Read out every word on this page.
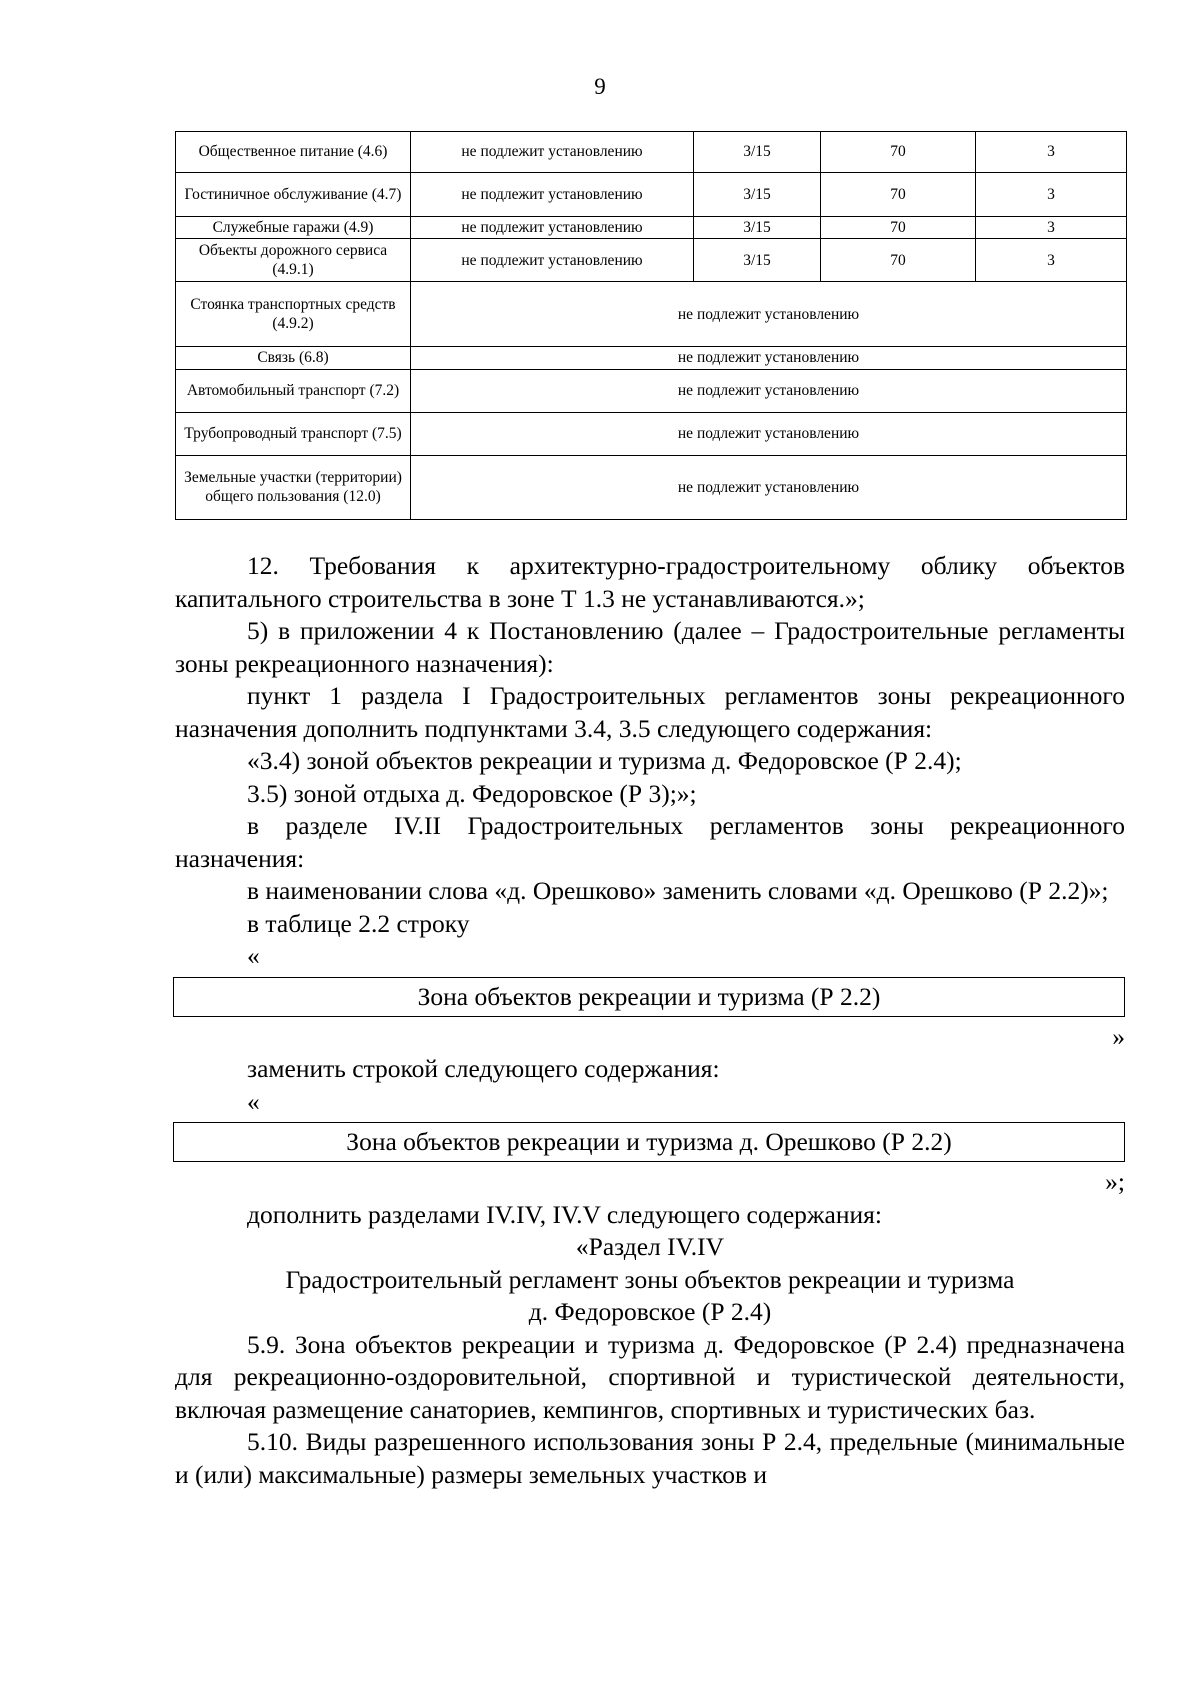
9
Общественное питание (4.6)	не подлежит установлению	3/15	70	3
Гостиничное обслуживание (4.7)	не подлежит установлению	3/15	70	3
Служебные гаражи (4.9)	не подлежит установлению	3/15	70	3
Объекты дорожного сервиса (4.9.1)	не подлежит установлению	3/15	70	3
Стоянка транспортных средств (4.9.2)	не подлежит установлению			
Связь (6.8)	не подлежит установлению			
Автомобильный транспорт (7.2)	не подлежит установлению			
Трубопроводный транспорт (7.5)	не подлежит установлению			
Земельные участки (территории) общего пользования (12.0)	не подлежит установлению			

12. Требования к архитектурно-градостроительному облику объектов капитального строительства в зоне Т 1.3 не устанавливаются.»;

5) в приложении 4 к Постановлению (далее – Градостроительные регламенты зоны рекреационного назначения):

пункт 1 раздела I Градостроительных регламентов зоны рекреационного назначения дополнить подпунктами 3.4, 3.5 следующего содержания:

«3.4) зоной объектов рекреации и туризма д. Федоровское (Р 2.4);

3.5) зоной отдыха д. Федоровское (Р 3);»;

в разделе IV.II Градостроительных регламентов зоны рекреационного назначения:

в наименовании слова «д. Орешково» заменить словами «д. Орешково (Р 2.2)»;

в таблице 2.2 строку

«

Зона объектов рекреации и туризма (Р 2.2)

»

заменить строкой следующего содержания:

«

Зона объектов рекреации и туризма д. Орешково (Р 2.2)

»;

дополнить разделами IV.IV, IV.V следующего содержания:

«Раздел IV.IV

Градостроительный регламент зоны объектов рекреации и туризма

д. Федоровское (Р 2.4)

5.9. Зона объектов рекреации и туризма д. Федоровское (Р 2.4) предназначена для рекреационно-оздоровительной, спортивной и туристической деятельности, включая размещение санаториев, кемпингов, спортивных и туристических баз.

5.10. Виды разрешенного использования зоны Р 2.4, предельные (минимальные и (или) максимальные) размеры земельных участков и
